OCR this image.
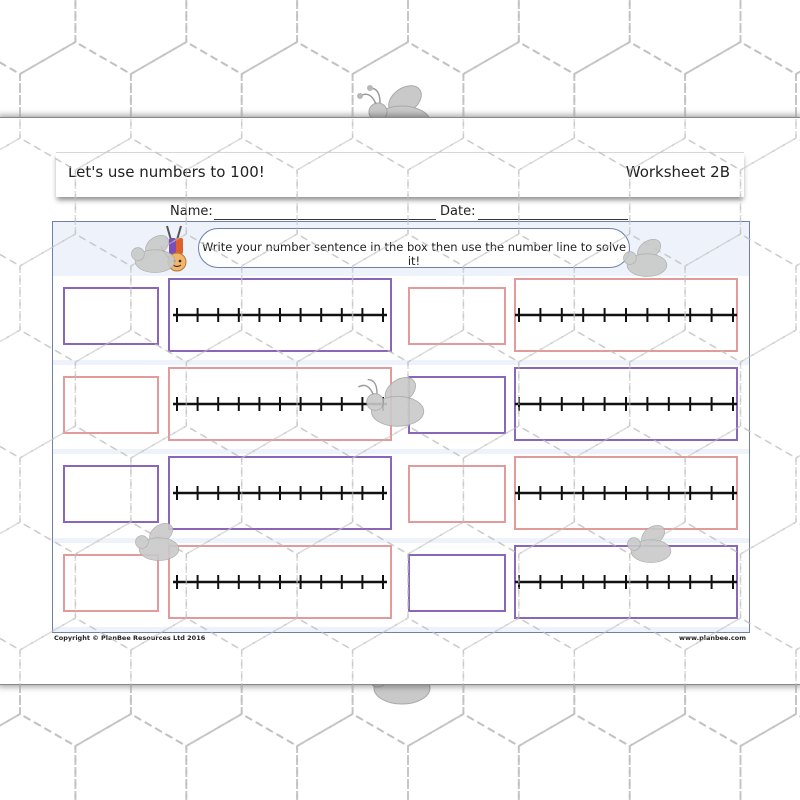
Let's use numbers to 100!	Worksheet 2B
Name:	Date:
Write your number sentence in the box then use the number line to solve it!
Copyright © PlanBee Resources Ltd 2016	www.planbee.com
